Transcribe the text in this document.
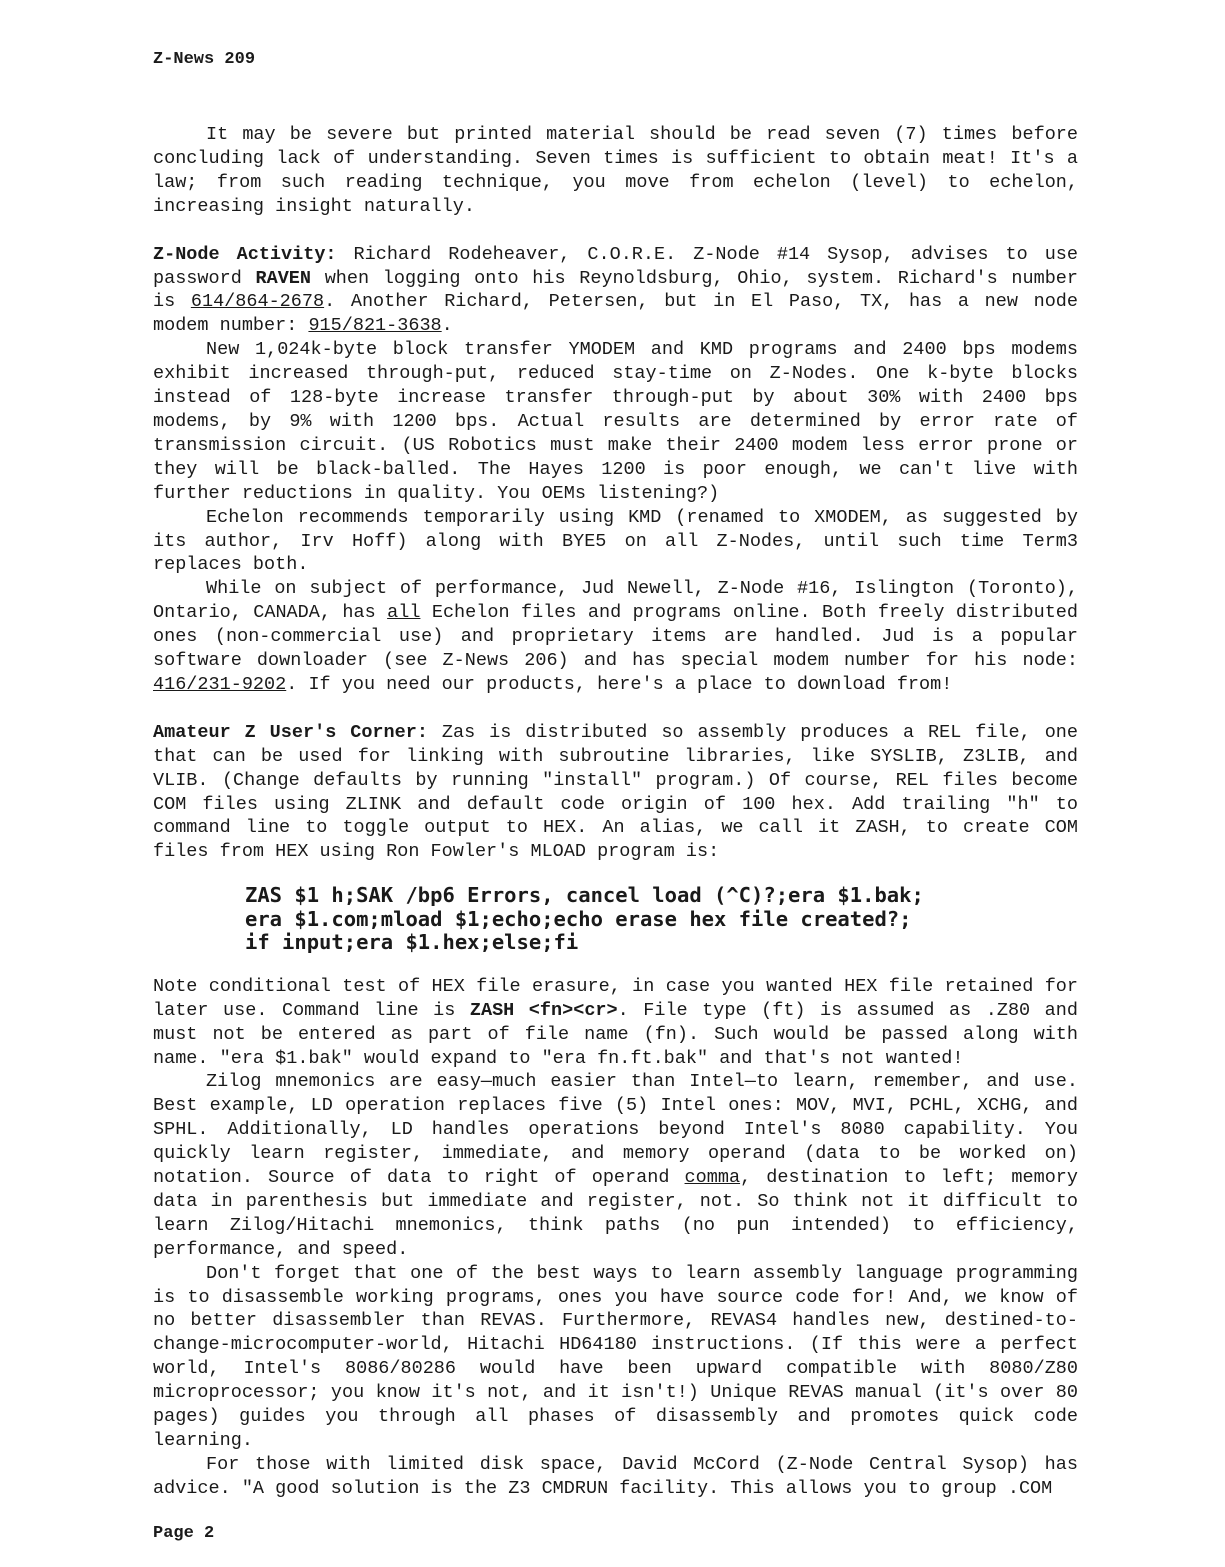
Z-News 209

It may be severe but printed material should be read seven (7) times before concluding lack of understanding. Seven times is sufficient to obtain meat! It's a law; from such reading technique, you move from echelon (level) to echelon, increasing insight naturally.

Z-Node Activity: Richard Rodeheaver, C.O.R.E. Z-Node #14 Sysop, advises to use password RAVEN when logging onto his Reynoldsburg, Ohio, system. Richard's number is 614/864-2678. Another Richard, Petersen, but in El Paso, TX, has a new node modem number: 915/821-3638.

New 1,024k-byte block transfer YMODEM and KMD programs and 2400 bps modems exhibit increased through-put, reduced stay-time on Z-Nodes. One k-byte blocks instead of 128-byte increase transfer through-put by about 30% with 2400 bps modems, by 9% with 1200 bps. Actual results are determined by error rate of transmission circuit. (US Robotics must make their 2400 modem less error prone or they will be black-balled. The Hayes 1200 is poor enough, we can't live with further reductions in quality. You OEMs listening?)

Echelon recommends temporarily using KMD (renamed to XMODEM, as suggested by its author, Irv Hoff) along with BYE5 on all Z-Nodes, until such time Term3 replaces both.

While on subject of performance, Jud Newell, Z-Node #16, Islington (Toronto), Ontario, CANADA, has all Echelon files and programs online. Both freely distributed ones (non-commercial use) and proprietary items are handled. Jud is a popular software downloader (see Z-News 206) and has special modem number for his node: 416/231-9202. If you need our products, here's a place to download from!

Amateur Z User's Corner: Zas is distributed so assembly produces a REL file, one that can be used for linking with subroutine libraries, like SYSLIB, Z3LIB, and VLIB. (Change defaults by running "install" program.) Of course, REL files become COM files using ZLINK and default code origin of 100 hex. Add trailing "h" to command line to toggle output to HEX. An alias, we call it ZASH, to create COM files from HEX using Ron Fowler's MLOAD program is:

ZAS $1 h;SAK /bp6 Errors, cancel load (^C)?;era $1.bak;
era $1.com;mload $1;echo;echo erase hex file created?;
if input;era $1.hex;else;fi

Note conditional test of HEX file erasure, in case you wanted HEX file retained for later use. Command line is ZASH <fn><cr>. File type (ft) is assumed as .Z80 and must not be entered as part of file name (fn). Such would be passed along with name. "era $1.bak" would expand to "era fn.ft.bak" and that's not wanted!

Zilog mnemonics are easy—much easier than Intel—to learn, remember, and use. Best example, LD operation replaces five (5) Intel ones: MOV, MVI, PCHL, XCHG, and SPHL. Additionally, LD handles operations beyond Intel's 8080 capability. You quickly learn register, immediate, and memory operand (data to be worked on) notation. Source of data to right of operand comma, destination to left; memory data in parenthesis but immediate and register, not. So think not it difficult to learn Zilog/Hitachi mnemonics, think paths (no pun intended) to efficiency, performance, and speed.

Don't forget that one of the best ways to learn assembly language programming is to disassemble working programs, ones you have source code for! And, we know of no better disassembler than REVAS. Furthermore, REVAS4 handles new, destined-to-change-microcomputer-world, Hitachi HD64180 instructions. (If this were a perfect world, Intel's 8086/80286 would have been upward compatible with 8080/Z80 microprocessor; you know it's not, and it isn't!) Unique REVAS manual (it's over 80 pages) guides you through all phases of disassembly and promotes quick code learning.

For those with limited disk space, David McCord (Z-Node Central Sysop) has advice. "A good solution is the Z3 CMDRUN facility. This allows you to group .COM

Page 2
